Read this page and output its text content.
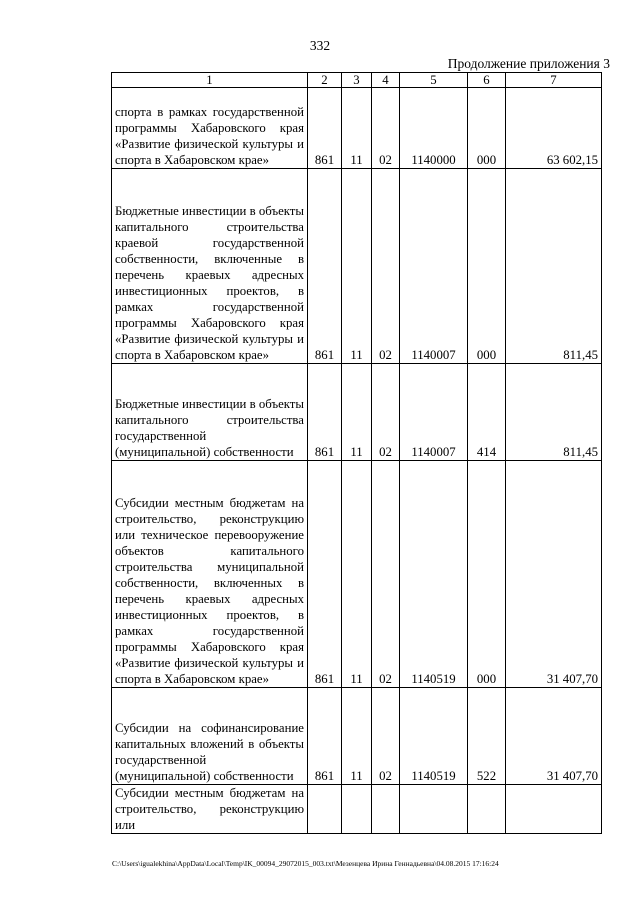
332
Продолжение приложения 3
1	2	3	4	5	6	7

спорта в рамках государственной программы Хабаровского края «Развитие физической культуры и спорта в Хабаровском крае»	861	11	02	1140000	000	63 602,15

Бюджетные инвестиции в объекты капитального строительства краевой государственной собственности, включенные в перечень краевых адресных инвестиционных проектов, в рамках государственной программы Хабаровского края «Развитие физической культуры и спорта в Хабаровском крае»	861	11	02	1140007	000	811,45

Бюджетные инвестиции в объекты капитального строительства государственной (муниципальной) собственности	861	11	02	1140007	414	811,45

Субсидии местным бюджетам на строительство, реконструкцию или техническое перевооружение объектов капитального строительства муниципальной собственности, включенных в перечень краевых адресных инвестиционных проектов, в рамках государственной программы Хабаровского края «Развитие физической культуры и спорта в Хабаровском крае»	861	11	02	1140519	000	31 407,70

Субсидии на софинансирование капитальных вложений в объекты государственной (муниципальной) собственности	861	11	02	1140519	522	31 407,70

Субсидии местным бюджетам на строительство, реконструкцию или						

C:\Users\igualekhina\AppData\Local\Temp\IK_00094_29072015_003.txt\Мезенцева Ирина Геннадьевна\04.08.2015 17:16:24
